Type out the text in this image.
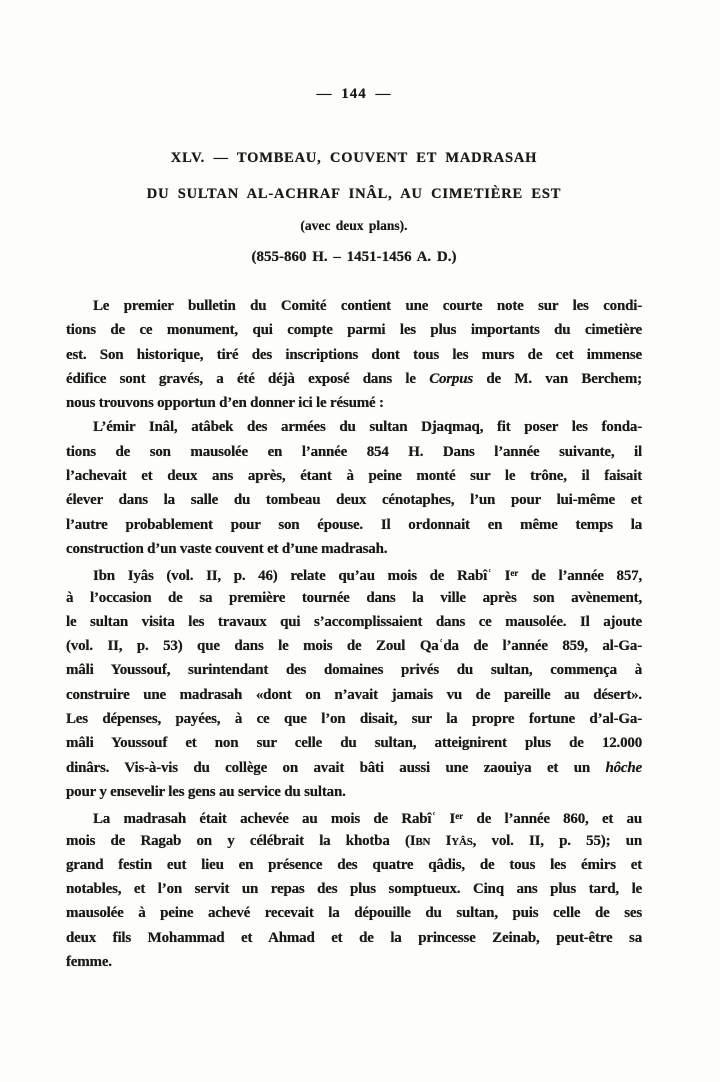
— 144 —
XLV. — TOMBEAU, COUVENT ET MADRASAH
DU SULTAN AL-ACHRAF INÂL, AU CIMETIÈRE EST
(avec deux plans).
(855-860 H. – 1451-1456 A. D.)
Le premier bulletin du Comité contient une courte note sur les condi-
tions de ce monument, qui compte parmi les plus importants du cimetière
est. Son historique, tiré des inscriptions dont tous les murs de cet immense
édifice sont gravés, a été déjà exposé dans le Corpus de M. van Berchem;
nous trouvons opportun d’en donner ici le résumé :
L’émir Inâl, atâbek des armées du sultan Djaqmaq, fit poser les fonda-
tions de son mausolée en l’année 854 H. Dans l’année suivante, il
l’achevait et deux ans après, étant à peine monté sur le trône, il faisait
élever dans la salle du tombeau deux cénotaphes, l’un pour lui-même et
l’autre probablement pour son épouse. Il ordonnait en même temps la
construction d’un vaste couvent et d’une madrasah.
Ibn Iyâs (vol. II, p. 46) relate qu’au mois de Rabîʿ Ier de l’année 857,
à l’occasion de sa première tournée dans la ville après son avènement,
le sultan visita les travaux qui s’accomplissaient dans ce mausolée. Il ajoute
(vol. II, p. 53) que dans le mois de Zoul Qaʿda de l’année 859, al-Ga-
mâli Youssouf, surintendant des domaines privés du sultan, commença à
construire une madrasah «dont on n’avait jamais vu de pareille au désert».
Les dépenses, payées, à ce que l’on disait, sur la propre fortune d’al-Ga-
mâli Youssouf et non sur celle du sultan, atteignirent plus de 12.000
dinârs. Vis-à-vis du collège on avait bâti aussi une zaouiya et un hôche
pour y ensevelir les gens au service du sultan.
La madrasah était achevée au mois de Rabîʿ Ier de l’année 860, et au
mois de Ragab on y célébrait la khotba (Ibn Iyâs, vol. II, p. 55); un
grand festin eut lieu en présence des quatre qâdis, de tous les émirs et
notables, et l’on servit un repas des plus somptueux. Cinq ans plus tard, le
mausolée à peine achevé recevait la dépouille du sultan, puis celle de ses
deux fils Mohammad et Ahmad et de la princesse Zeinab, peut-être sa
femme.
